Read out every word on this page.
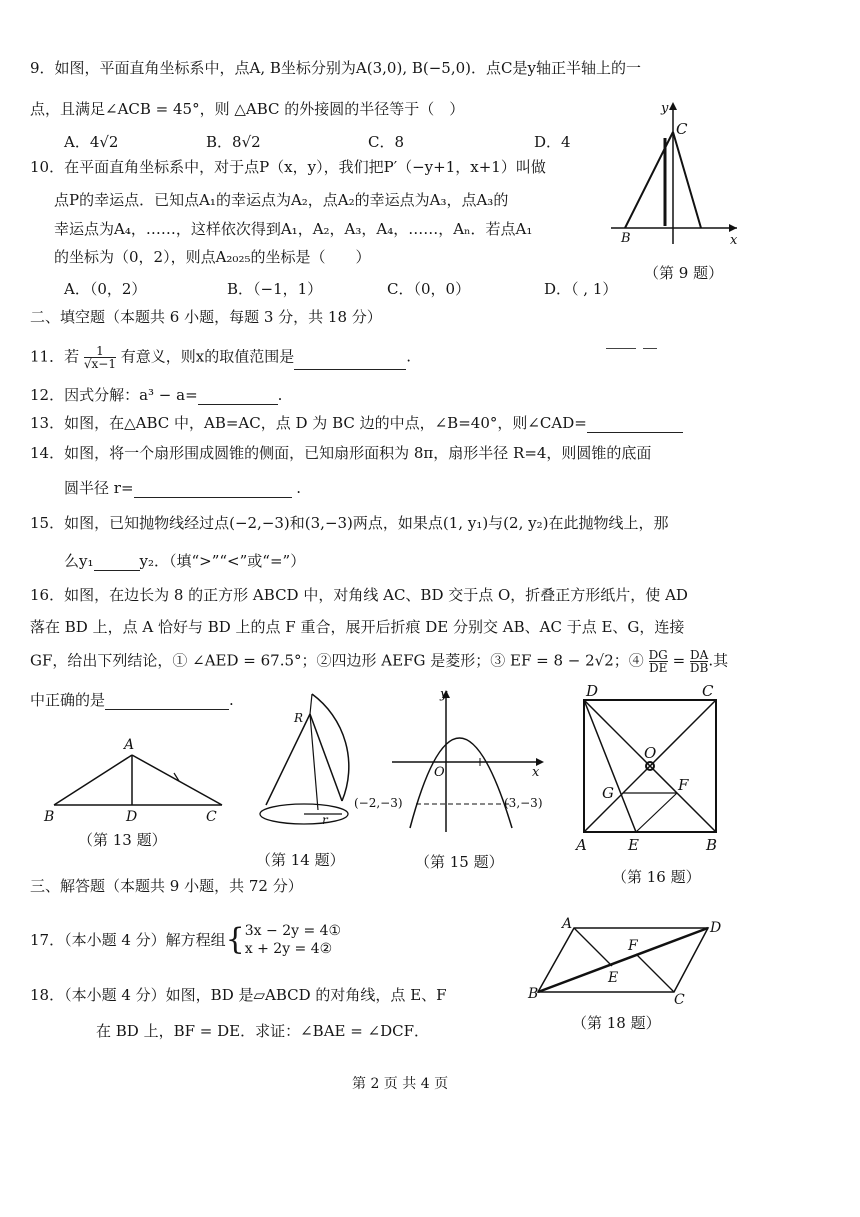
9．如图，平面直角坐标系中，点A, B坐标分别为A(3,0), B(−5,0)．点C是y轴正半轴上的一
点，且满足∠ACB = 45°，则 △ABC 的外接圆的半径等于（　）
A．4√2	B．8√2	C．8	D．4
y
C
B	x
（第 9 题）
10．在平面直角坐标系中，对于点P（x，y），我们把P′（−y+1，x+1）叫做
点P的幸运点．已知点A₁的幸运点为A₂，点A₂的幸运点为A₃，点A₃的
幸运点为A₄，……，这样依次得到A₁，A₂，A₃，A₄，……，Aₙ．若点A₁
的坐标为（0，2），则点A₂₀₂₅的坐标是（　　）
A．（0，2）	B．（−1，1）	C．（0，0）	D．（ , 1）
二、填空题（本题共 6 小题，每题 3 分，共 18 分）
11．若 $\frac{1}{√x-1}$ 有意义，则x的取值范围是	.
12．因式分解：a³ − a=	.
13．如图，在△ABC 中，AB=AC，点 D 为 BC 边的中点，∠B=40°，则∠CAD=
14．如图，将一个扇形围成圆锥的侧面，已知扇形面积为 8π，扇形半径 R=4，则圆锥的底面
圆半径 r=	.
15．如图，已知抛物线经过点(−2,−3)和(3,−3)两点，如果点(1, y₁)与(2, y₂)在此抛物线上，那
么y₁	y₂．（填“>”“<”或“=”）
16．如图，在边长为 8 的正方形 ABCD 中，对角线 AC、BD 交于点 O，折叠正方形纸片，使 AD
落在 BD 上，点 A 恰好与 BD 上的点 F 重合，展开后折痕 DE 分别交 AB、AC 于点 E、G，连接
GF，给出下列结论，① ∠AED = 67.5°；②四边形 AEFG 是菱形；③ EF = 8 − 2√2；④ $\frac{DG}{DE} = \frac{DA}{DB}$ .其
中正确的是	.
A
B	C
D
（第 13 题）
R
r
（第 14 题）
y
O	x
(−2,−3)	(3,−3)
（第 15 题）
D	C
A	B
O
G	F
E
（第 16 题）
三、解答题（本题共 9 小题，共 72 分）
17．（本小题 4 分）解方程组{ 3x − 2y = 4①
x + 2y = 4②
A	D
B	C
E
F
（第 18 题）
18．（本小题 4 分）如图，BD 是▱ABCD 的对角线，点 E、F
在 BD 上，BF = DE．求证：∠BAE = ∠DCF．
第 2 页 共 4 页
